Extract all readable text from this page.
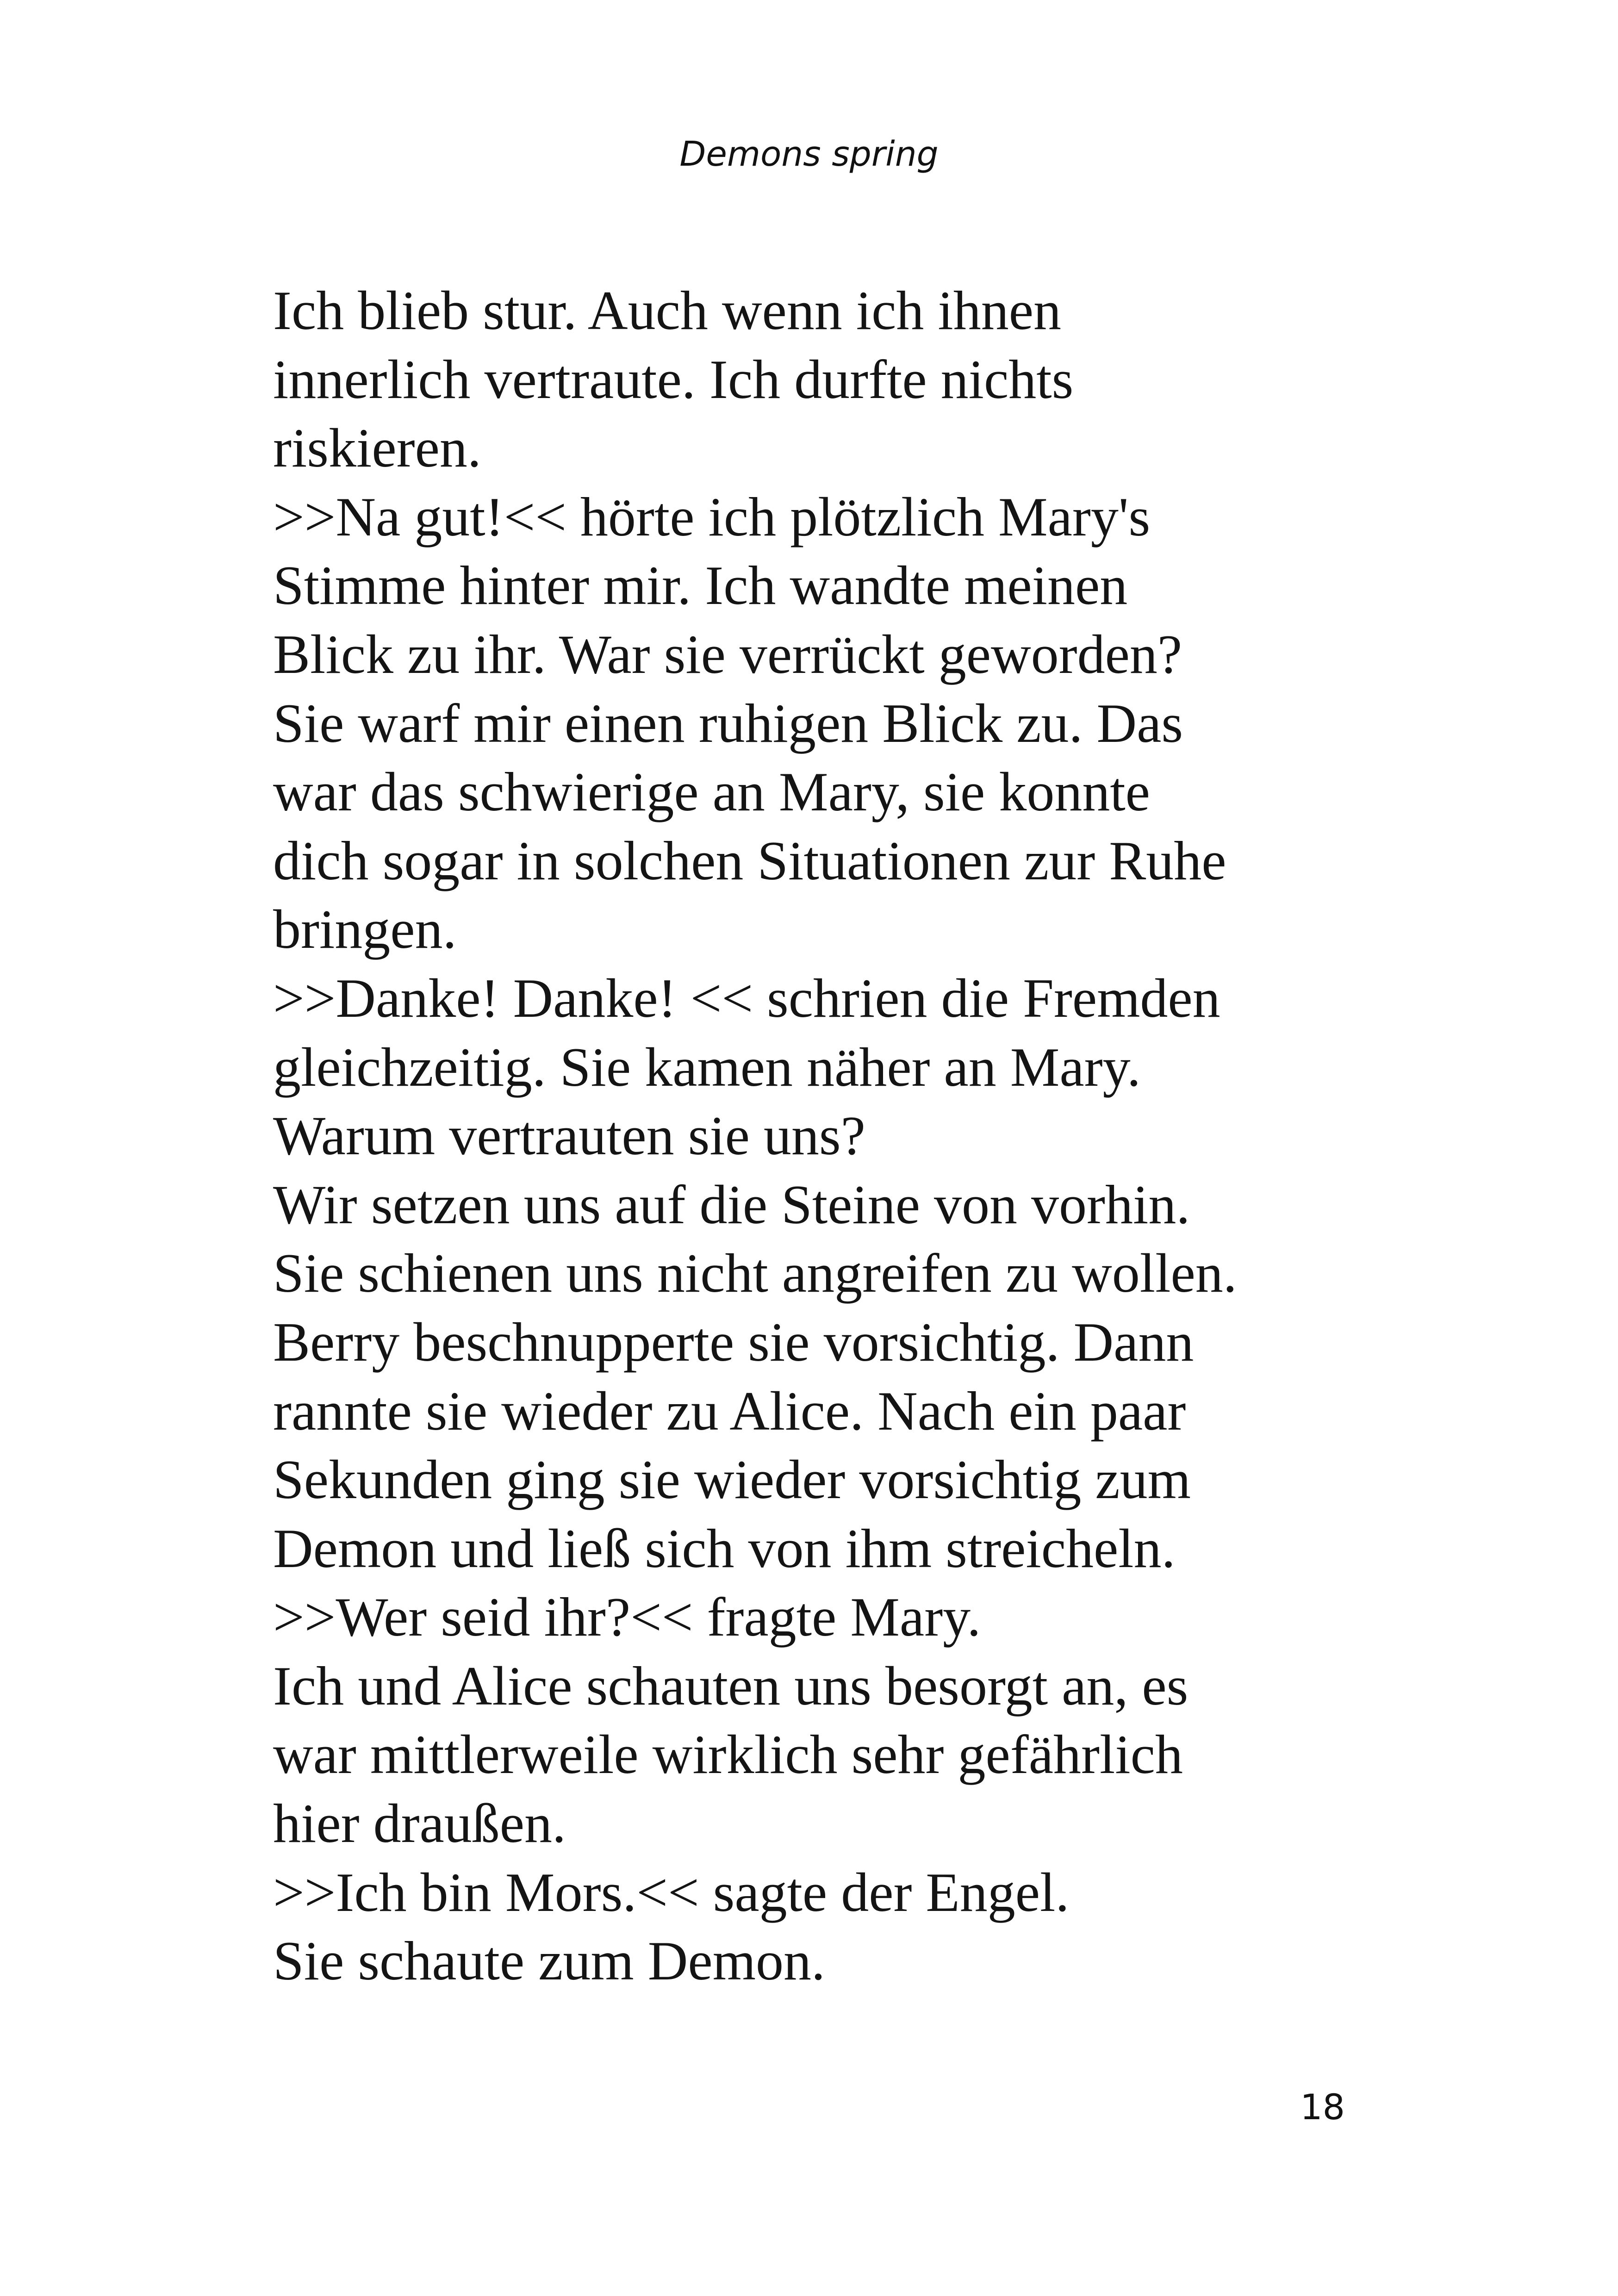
Demons spring
Ich blieb stur. Auch wenn ich ihnen
innerlich vertraute. Ich durfte nichts
riskieren.
>>Na gut!<< hörte ich plötzlich Mary's
Stimme hinter mir. Ich wandte meinen
Blick zu ihr. War sie verrückt geworden?
Sie warf mir einen ruhigen Blick zu. Das
war das schwierige an Mary, sie konnte
dich sogar in solchen Situationen zur Ruhe
bringen.
>>Danke! Danke! << schrien die Fremden
gleichzeitig. Sie kamen näher an Mary.
Warum vertrauten sie uns?
Wir setzen uns auf die Steine von vorhin.
Sie schienen uns nicht angreifen zu wollen.
Berry beschnupperte sie vorsichtig. Dann
rannte sie wieder zu Alice. Nach ein paar
Sekunden ging sie wieder vorsichtig zum
Demon und ließ sich von ihm streicheln.
>>Wer seid ihr?<< fragte Mary.
Ich und Alice schauten uns besorgt an, es
war mittlerweile wirklich sehr gefährlich
hier draußen.
>>Ich bin Mors.<< sagte der Engel.
Sie schaute zum Demon.
18
